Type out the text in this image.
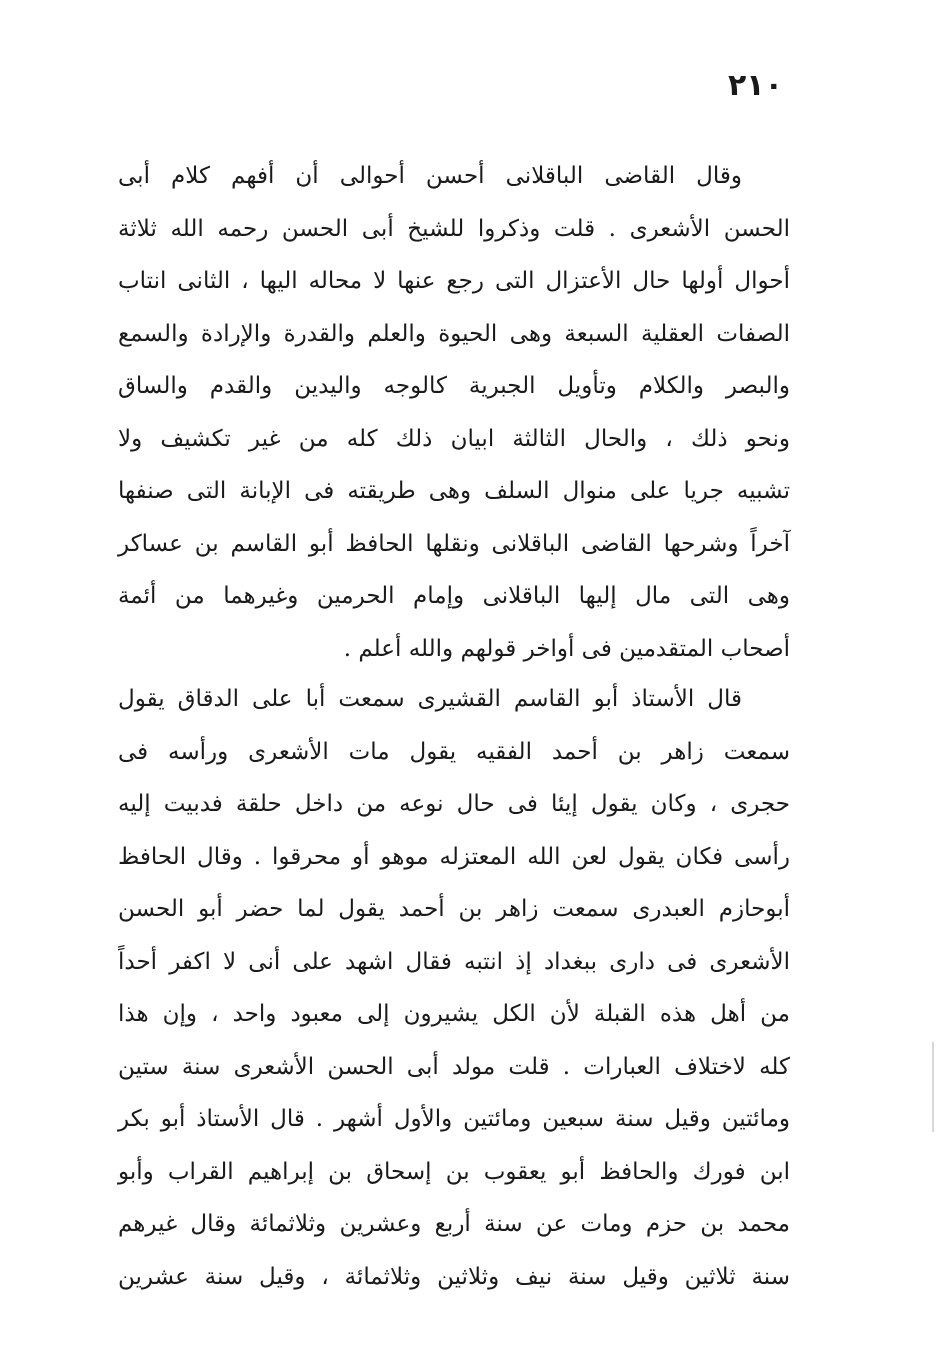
٢١٠
وقال القاضى الباقلانى أحسن أحوالى أن أفهم كلام أبى
الحسن الأشعرى . قلت وذكروا للشيخ أبى الحسن رحمه الله ثلاثة
أحوال أولها حال الأعتزال التى رجع عنها لا محاله اليها ، الثانى انتاب
الصفات العقلية السبعة وهى الحيوة والعلم والقدرة والإرادة والسمع
والبصر والكلام وتأويل الجبرية كالوجه واليدين والقدم والساق
ونحو ذلك ، والحال الثالثة ابيان ذلك كله من غير تكشيف ولا
تشبيه جريا على منوال السلف وهى طريقته فى الإبانة التى صنفها
آخراً وشرحها القاضى الباقلانى ونقلها الحافظ أبو القاسم بن عساكر
وهى التى مال إليها الباقلانى وإمام الحرمين وغيرهما من أئمة
أصحاب المتقدمين فى أواخر قولهم والله أعلم .
قال الأستاذ أبو القاسم القشيرى سمعت أبا على الدقاق يقول
سمعت زاهر بن أحمد الفقيه يقول مات الأشعرى ورأسه فى
حجرى ، وكان يقول إيئا فى حال نوعه من داخل حلقة فدبيت إليه
رأسى فكان يقول لعن الله المعتزله موهو أو محرقوا . وقال الحافظ
أبوحازم العبدرى سمعت زاهر بن أحمد يقول لما حضر أبو الحسن
الأشعرى فى دارى ببغداد إذ انتبه فقال اشهد على أنى لا اكفر أحداً
من أهل هذه القبلة لأن الكل يشيرون إلى معبود واحد ، وإن هذا
كله لاختلاف العبارات . قلت مولد أبى الحسن الأشعرى سنة ستين
ومائتين وقيل سنة سبعين ومائتين والأول أشهر . قال الأستاذ أبو بكر
ابن فورك والحافظ أبو يعقوب بن إسحاق بن إبراهيم القراب وأبو
محمد بن حزم ومات عن سنة أربع وعشرين وثلاثمائة وقال غيرهم
سنة ثلاثين وقيل سنة نيف وثلاثين وثلاثمائة ، وقيل سنة عشرين
